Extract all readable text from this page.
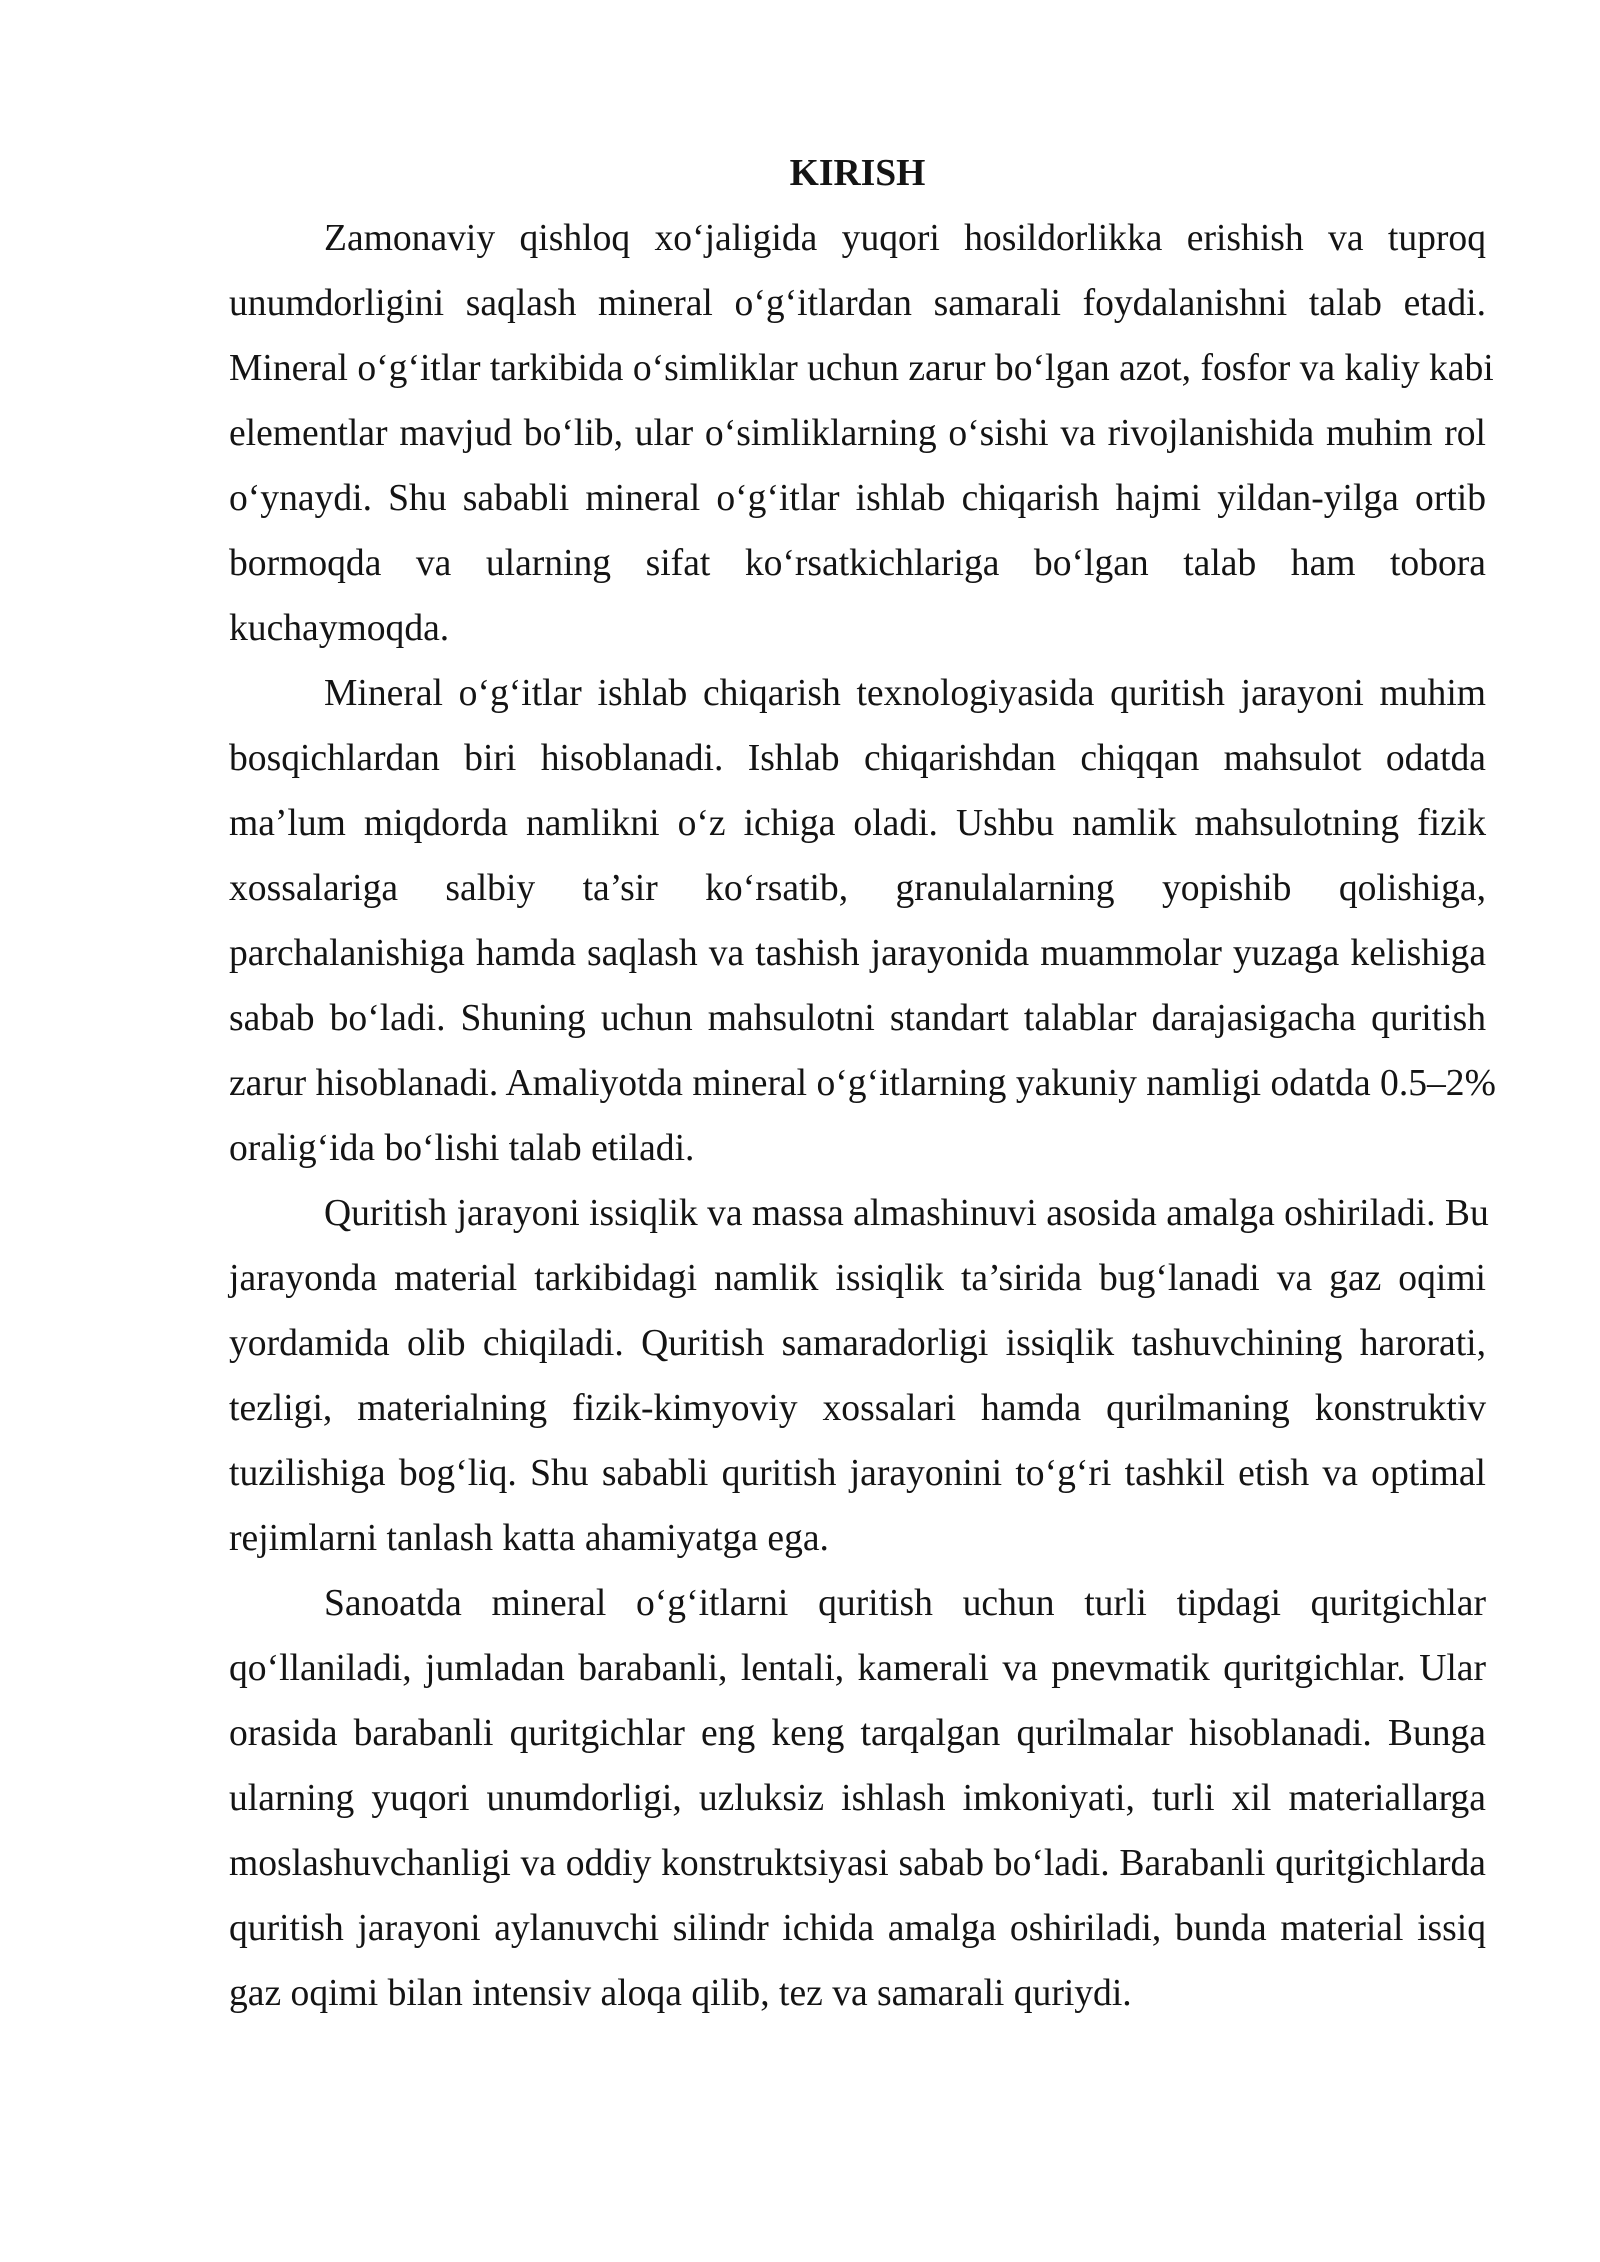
KIRISH
Zamonaviy qishloq xo‘jaligida yuqori hosildorlikka erishish va tuproq
unumdorligini saqlash mineral o‘g‘itlardan samarali foydalanishni talab etadi.
Mineral o‘g‘itlar tarkibida o‘simliklar uchun zarur bo‘lgan azot, fosfor va kaliy kabi
elementlar mavjud bo‘lib, ular o‘simliklarning o‘sishi va rivojlanishida muhim rol
o‘ynaydi. Shu sababli mineral o‘g‘itlar ishlab chiqarish hajmi yildan-yilga ortib
bormoqda va ularning sifat ko‘rsatkichlariga bo‘lgan talab ham tobora
kuchaymoqda.
Mineral o‘g‘itlar ishlab chiqarish texnologiyasida quritish jarayoni muhim
bosqichlardan biri hisoblanadi. Ishlab chiqarishdan chiqqan mahsulot odatda
ma’lum miqdorda namlikni o‘z ichiga oladi. Ushbu namlik mahsulotning fizik
xossalariga salbiy ta’sir ko‘rsatib, granulalarning yopishib qolishiga,
parchalanishiga hamda saqlash va tashish jarayonida muammolar yuzaga kelishiga
sabab bo‘ladi. Shuning uchun mahsulotni standart talablar darajasigacha quritish
zarur hisoblanadi. Amaliyotda mineral o‘g‘itlarning yakuniy namligi odatda 0.5–2%
oralig‘ida bo‘lishi talab etiladi.
Quritish jarayoni issiqlik va massa almashinuvi asosida amalga oshiriladi. Bu
jarayonda material tarkibidagi namlik issiqlik ta’sirida bug‘lanadi va gaz oqimi
yordamida olib chiqiladi. Quritish samaradorligi issiqlik tashuvchining harorati,
tezligi, materialning fizik-kimyoviy xossalari hamda qurilmaning konstruktiv
tuzilishiga bog‘liq. Shu sababli quritish jarayonini to‘g‘ri tashkil etish va optimal
rejimlarni tanlash katta ahamiyatga ega.
Sanoatda mineral o‘g‘itlarni quritish uchun turli tipdagi quritgichlar
qo‘llaniladi, jumladan barabanli, lentali, kamerali va pnevmatik quritgichlar. Ular
orasida barabanli quritgichlar eng keng tarqalgan qurilmalar hisoblanadi. Bunga
ularning yuqori unumdorligi, uzluksiz ishlash imkoniyati, turli xil materiallarga
moslashuvchanligi va oddiy konstruktsiyasi sabab bo‘ladi. Barabanli quritgichlarda
quritish jarayoni aylanuvchi silindr ichida amalga oshiriladi, bunda material issiq
gaz oqimi bilan intensiv aloqa qilib, tez va samarali quriydi.
